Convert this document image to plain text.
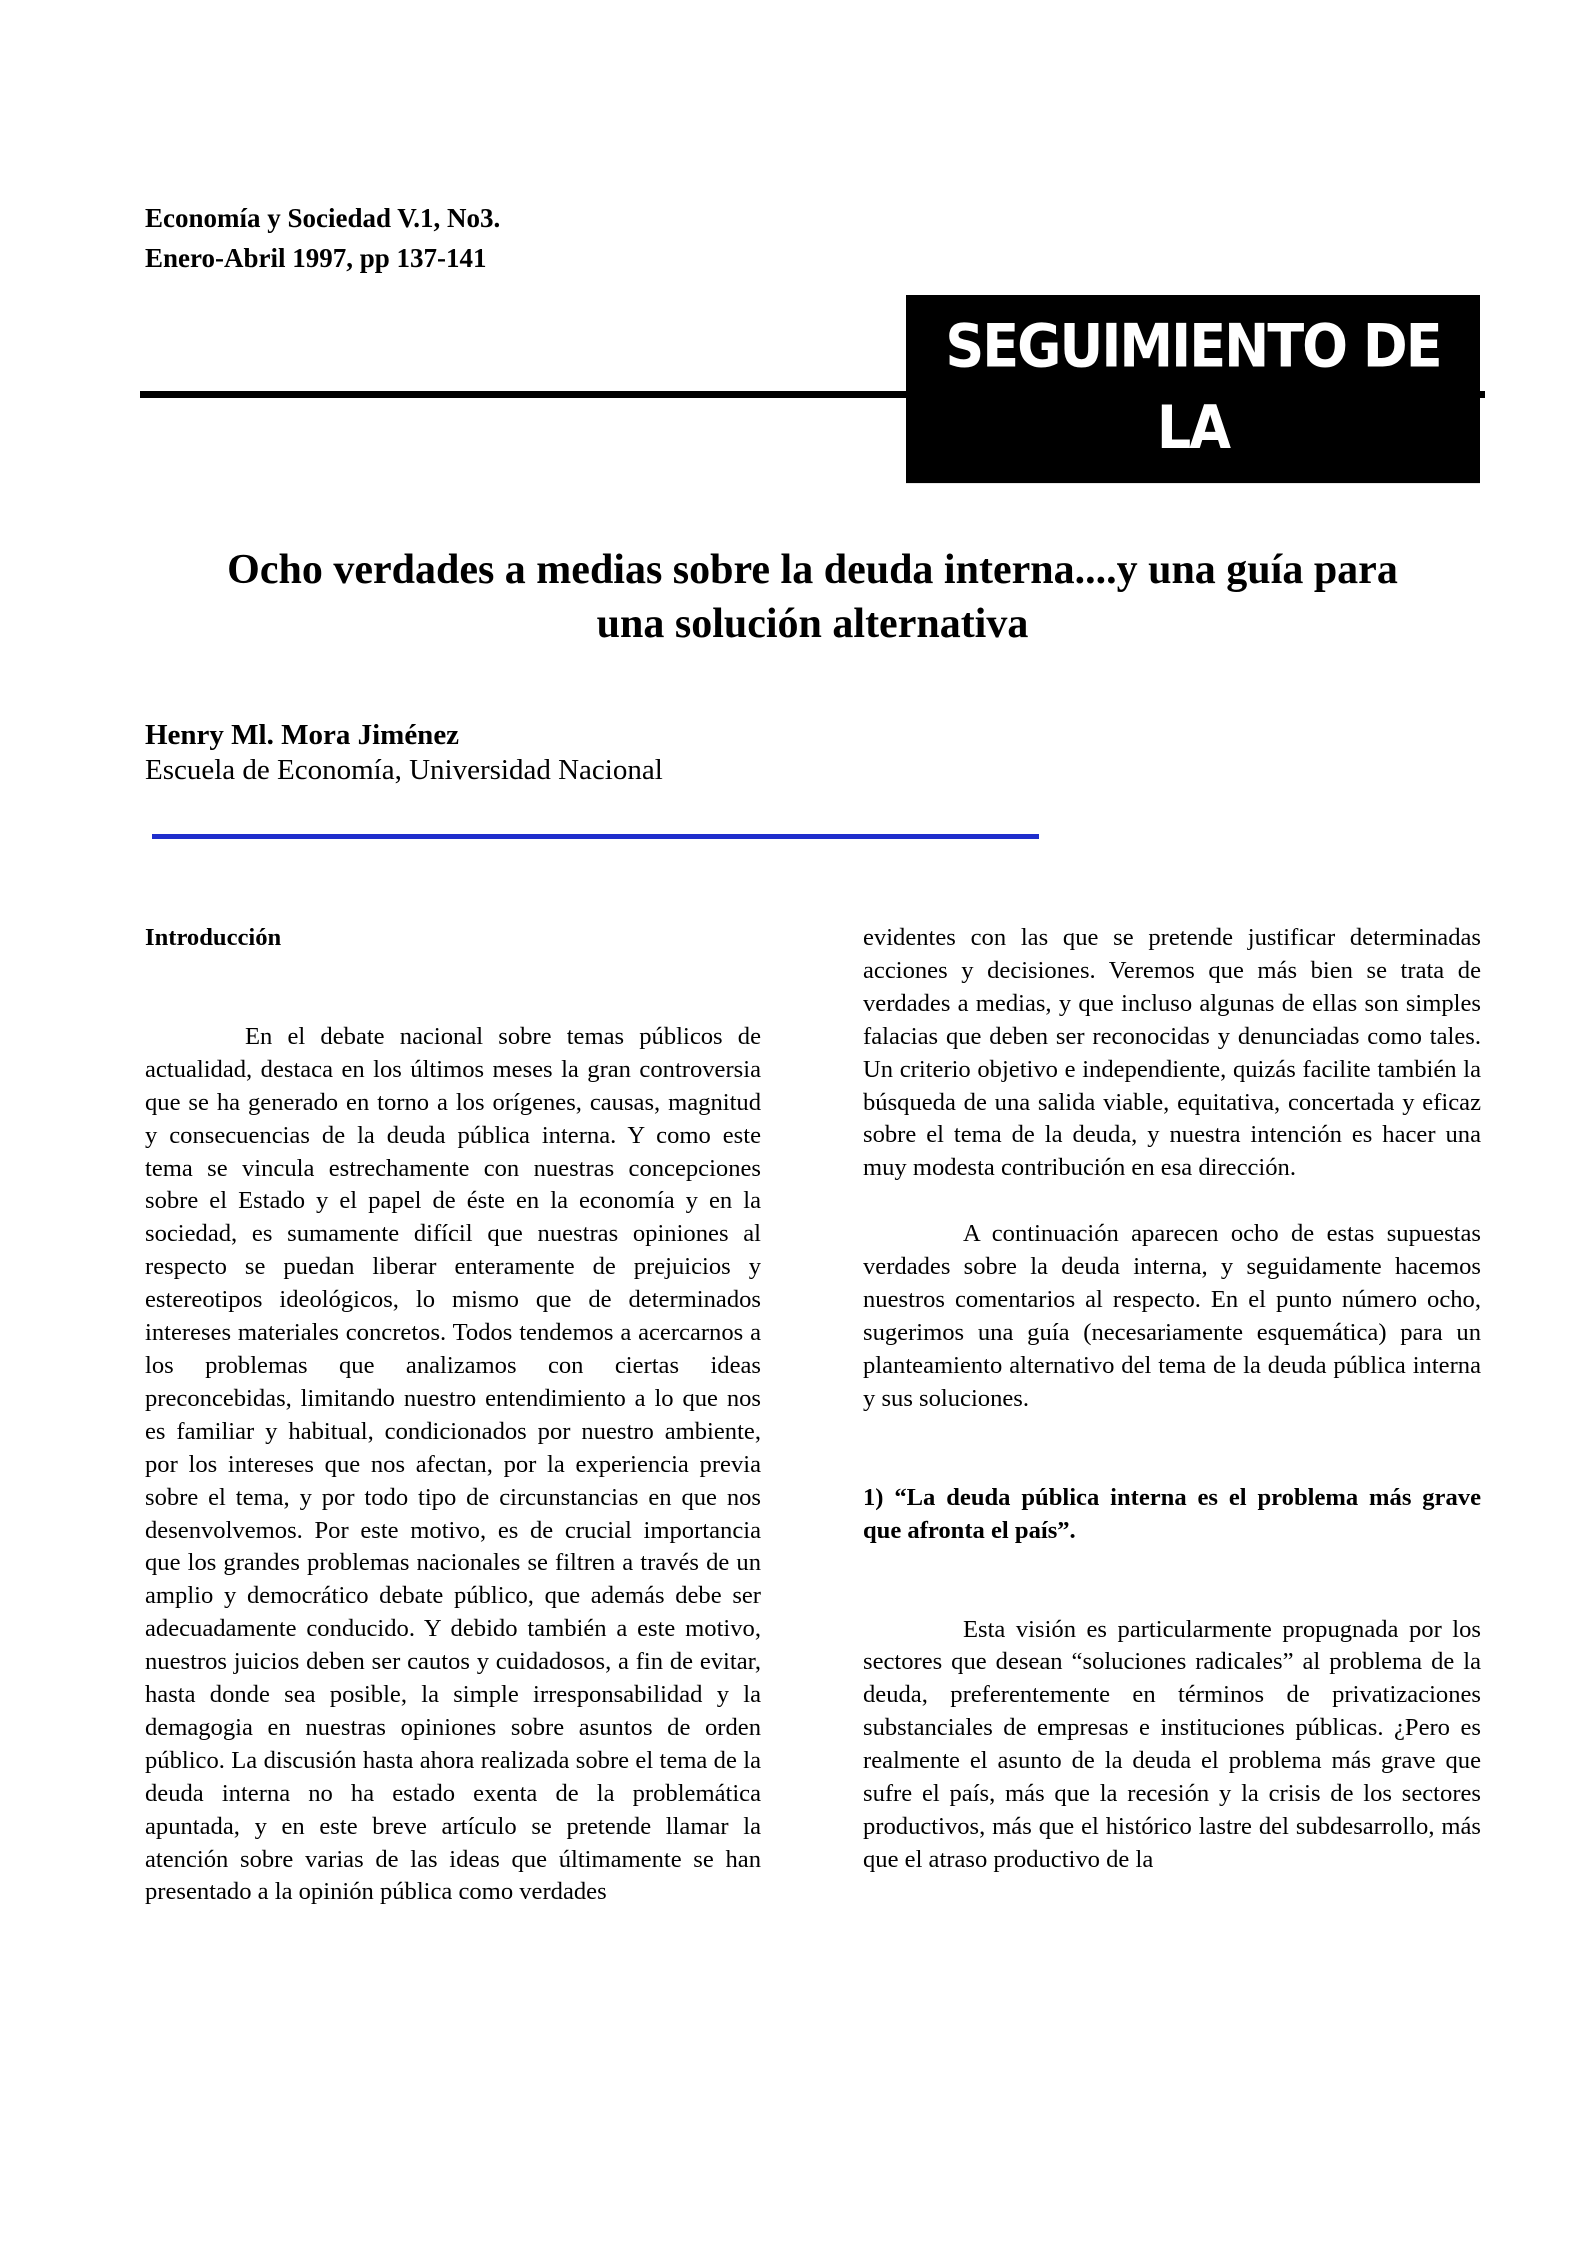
Economía y Sociedad V.1, No3.
Enero-Abril 1997, pp 137-141
SEGUIMIENTO DE LA
COYUNTURA
Ocho verdades a medias sobre la deuda interna....y una guía para
una solución alternativa
Henry Ml. Mora Jiménez
Escuela de Economía, Universidad Nacional

Introducción

En el debate nacional sobre temas públicos de actualidad, destaca en los últimos meses la gran controversia que se ha generado en torno a los orígenes, causas, magnitud y consecuencias de la deuda pública interna. Y como este tema se vincula estrechamente con nuestras concepciones sobre el Estado y el papel de éste en la economía y en la sociedad, es sumamente difícil que nuestras opiniones al respecto se puedan liberar enteramente de prejuicios y estereotipos ideológicos, lo mismo que de determinados intereses materiales concretos. Todos tendemos a acercarnos a los problemas que analizamos con ciertas ideas preconcebidas, limitando nuestro entendimiento a lo que nos es familiar y habitual, condicionados por nuestro ambiente, por los intereses que nos afectan, por la experiencia previa sobre el tema, y por todo tipo de circunstancias en que nos desenvolvemos. Por este motivo, es de crucial importancia que los grandes problemas nacionales se filtren a través de un amplio y democrático debate público, que además debe ser adecuadamente conducido. Y debido también a este motivo, nuestros juicios deben ser cautos y cuidadosos, a fin de evitar, hasta donde sea posible, la simple irresponsabilidad y la demagogia en nuestras opiniones sobre asuntos de orden público. La discusión hasta ahora realizada sobre el tema de la deuda interna no ha estado exenta de la problemática apuntada, y en este breve artículo se pretende llamar la atención sobre varias de las ideas que últimamente se han presentado a la opinión pública como verdades

evidentes con las que se pretende justificar determinadas acciones y decisiones. Veremos que más bien se trata de verdades a medias, y que incluso algunas de ellas son simples falacias que deben ser reconocidas y denunciadas como tales. Un criterio objetivo e independiente, quizás facilite también la búsqueda de una salida viable, equitativa, concertada y eficaz sobre el tema de la deuda, y nuestra intención es hacer una muy modesta contribución en esa dirección.

A continuación aparecen ocho de estas supuestas verdades sobre la deuda interna, y seguidamente hacemos nuestros comentarios al respecto. En el punto número ocho, sugerimos una guía (necesariamente esquemática) para un planteamiento alternativo del tema de la deuda pública interna y sus soluciones.

1) “La deuda pública interna es el problema más grave que afronta el país”.

Esta visión es particularmente propugnada por los sectores que desean “soluciones radicales” al problema de la deuda, preferentemente en términos de privatizaciones substanciales de empresas e instituciones públicas. ¿Pero es realmente el asunto de la deuda el problema más grave que sufre el país, más que la recesión y la crisis de los sectores productivos, más que el histórico lastre del subdesarrollo, más que el atraso productivo de la
